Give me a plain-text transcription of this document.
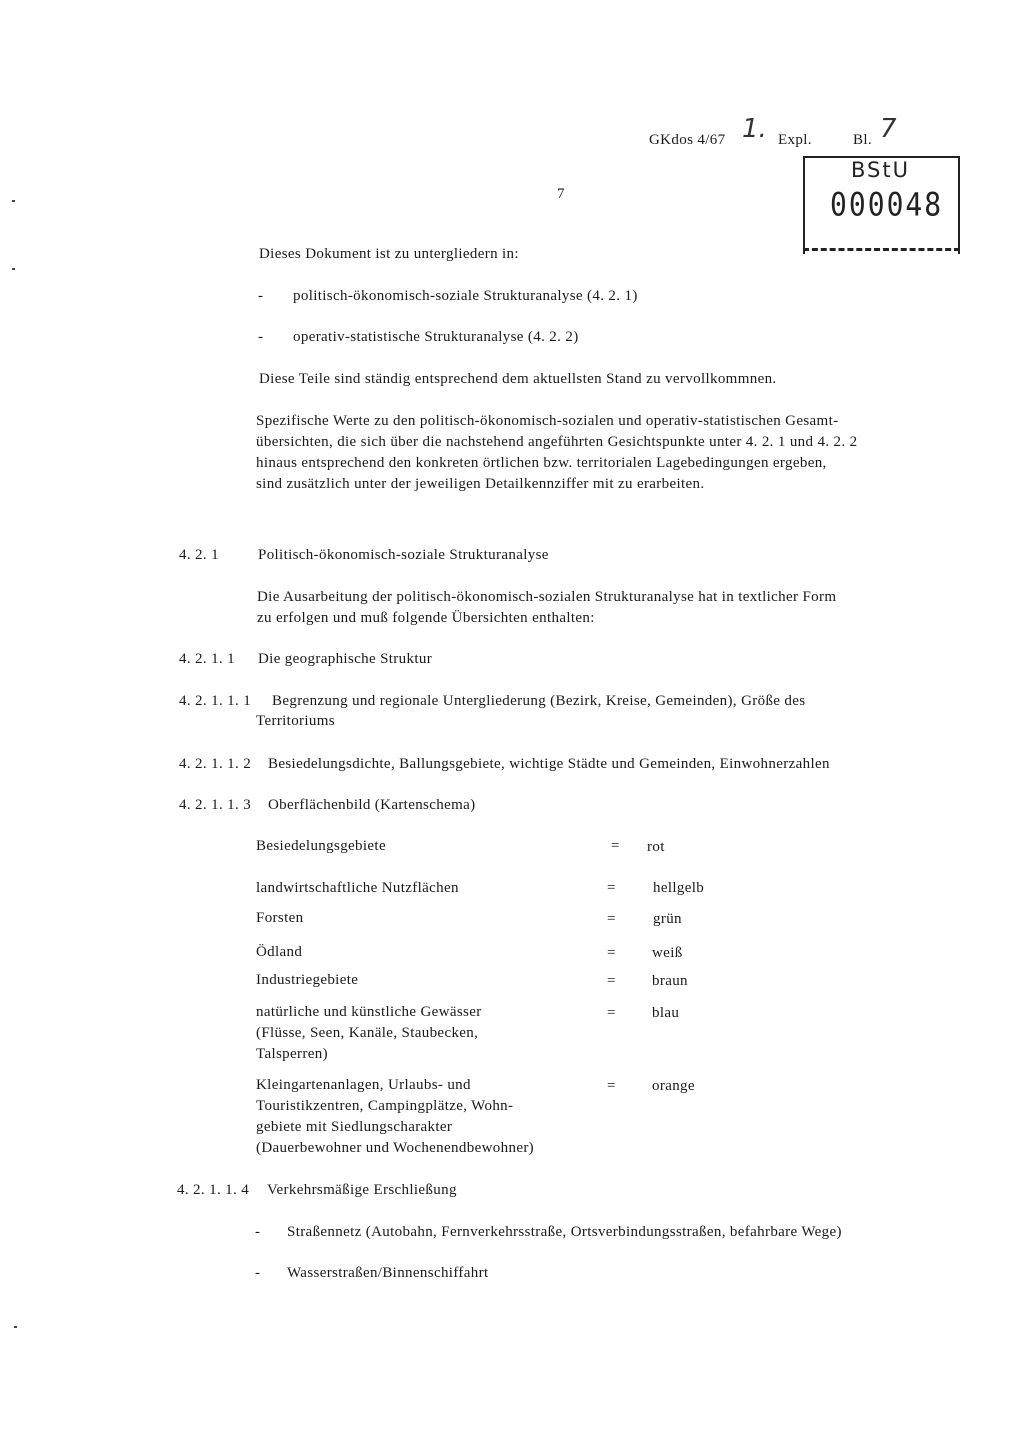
GKdos 4/67 1. Expl.	Bl. 7
7
BStU
000048
Dieses Dokument ist zu untergliedern in:
- politisch-ökonomisch-soziale Strukturanalyse (4. 2. 1)
- operativ-statistische Strukturanalyse (4. 2. 2)
Diese Teile sind ständig entsprechend dem aktuellsten Stand zu vervollkommnen.
Spezifische Werte zu den politisch-ökonomisch-sozialen und operativ-statistischen Gesamt-
übersichten, die sich über die nachstehend angeführten Gesichtspunkte unter 4. 2. 1 und 4. 2. 2
hinaus entsprechend den konkreten örtlichen bzw. territorialen Lagebedingungen ergeben,
sind zusätzlich unter der jeweiligen Detailkennziffer mit zu erarbeiten.
4. 2. 1	Politisch-ökonomisch-soziale Strukturanalyse
Die Ausarbeitung der politisch-ökonomisch-sozialen Strukturanalyse hat in textlicher Form
zu erfolgen und muß folgende Übersichten enthalten:
4. 2. 1. 1 Die geographische Struktur
4. 2. 1. 1. 1 Begrenzung und regionale Untergliederung (Bezirk, Kreise, Gemeinden), Größe des
Territoriums
4. 2. 1. 1. 2 Besiedelungsdichte, Ballungsgebiete, wichtige Städte und Gemeinden, Einwohnerzahlen
4. 2. 1. 1. 3 Oberflächenbild (Kartenschema)
Besiedelungsgebiete	= rot
landwirtschaftliche Nutzflächen	= hellgelb
Forsten	= grün
Ödland	= weiß
Industriegebiete	= braun
natürliche und künstliche Gewässer
(Flüsse, Seen, Kanäle, Staubecken,
Talsperren)
= blau
Kleingartenanlagen, Urlaubs- und
Touristikzentren, Campingplätze, Wohn-
gebiete mit Siedlungscharakter
(Dauerbewohner und Wochenendbewohner)
= orange
4. 2. 1. 1. 4 Verkehrsmäßige Erschließung
- Straßennetz (Autobahn, Fernverkehrsstraße, Ortsverbindungsstraßen, befahrbare Wege)
- Wasserstraßen/Binnenschiffahrt
